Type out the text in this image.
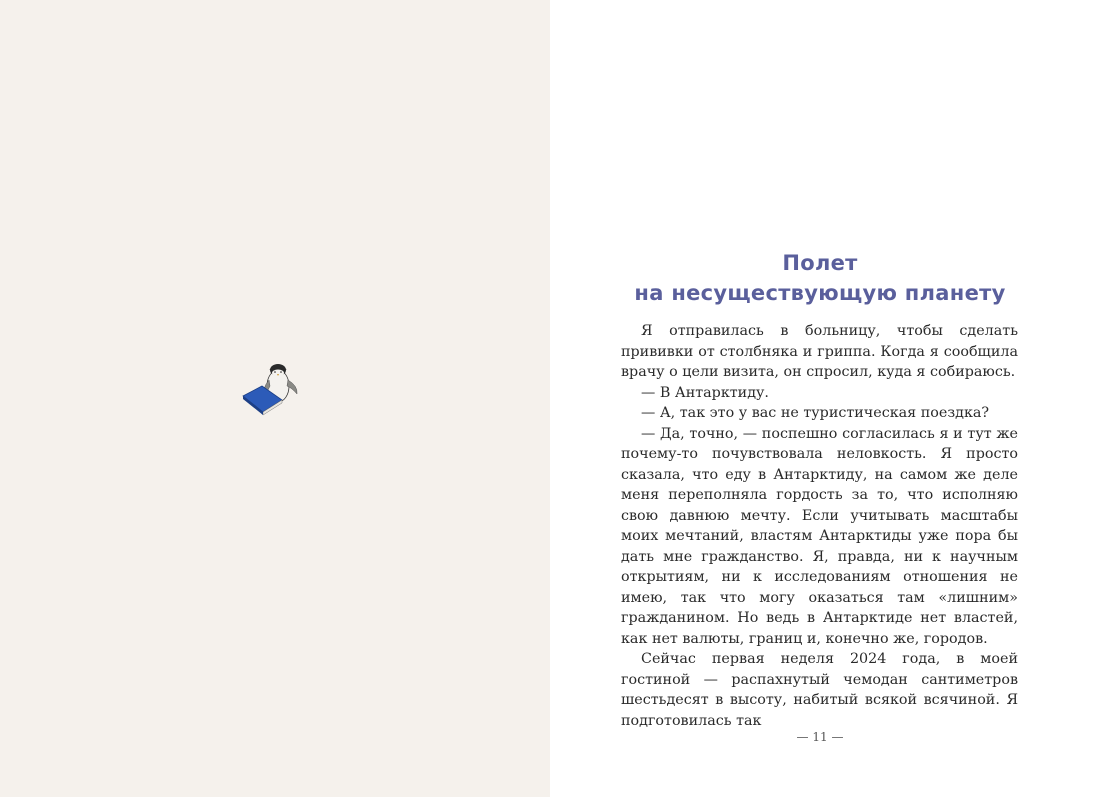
Полет
на несуществующую планету

Я отправилась в больницу, чтобы сделать прививки от столбняка и гриппа. Когда я сообщила врачу о цели визита, он спросил, куда я собираюсь.

— В Антарктиду.

— А, так это у вас не туристическая поездка?

— Да, точно, — поспешно согласилась я и тут же почему-то почувствовала неловкость. Я просто сказала, что еду в Антарктиду, на самом же деле меня переполняла гордость за то, что исполняю свою давнюю мечту. Если учитывать масштабы моих мечтаний, властям Антарктиды уже пора бы дать мне гражданство. Я, правда, ни к научным открытиям, ни к исследованиям отношения не имею, так что могу оказаться там «лишним» гражданином. Но ведь в Антарктиде нет властей, как нет валюты, границ и, конечно же, городов.

Сейчас первая неделя 2024 года, в моей гостиной — распахнутый чемодан сантиметров шестьдесят в высоту, набитый всякой всячиной. Я подготовилась так

— 11 —
